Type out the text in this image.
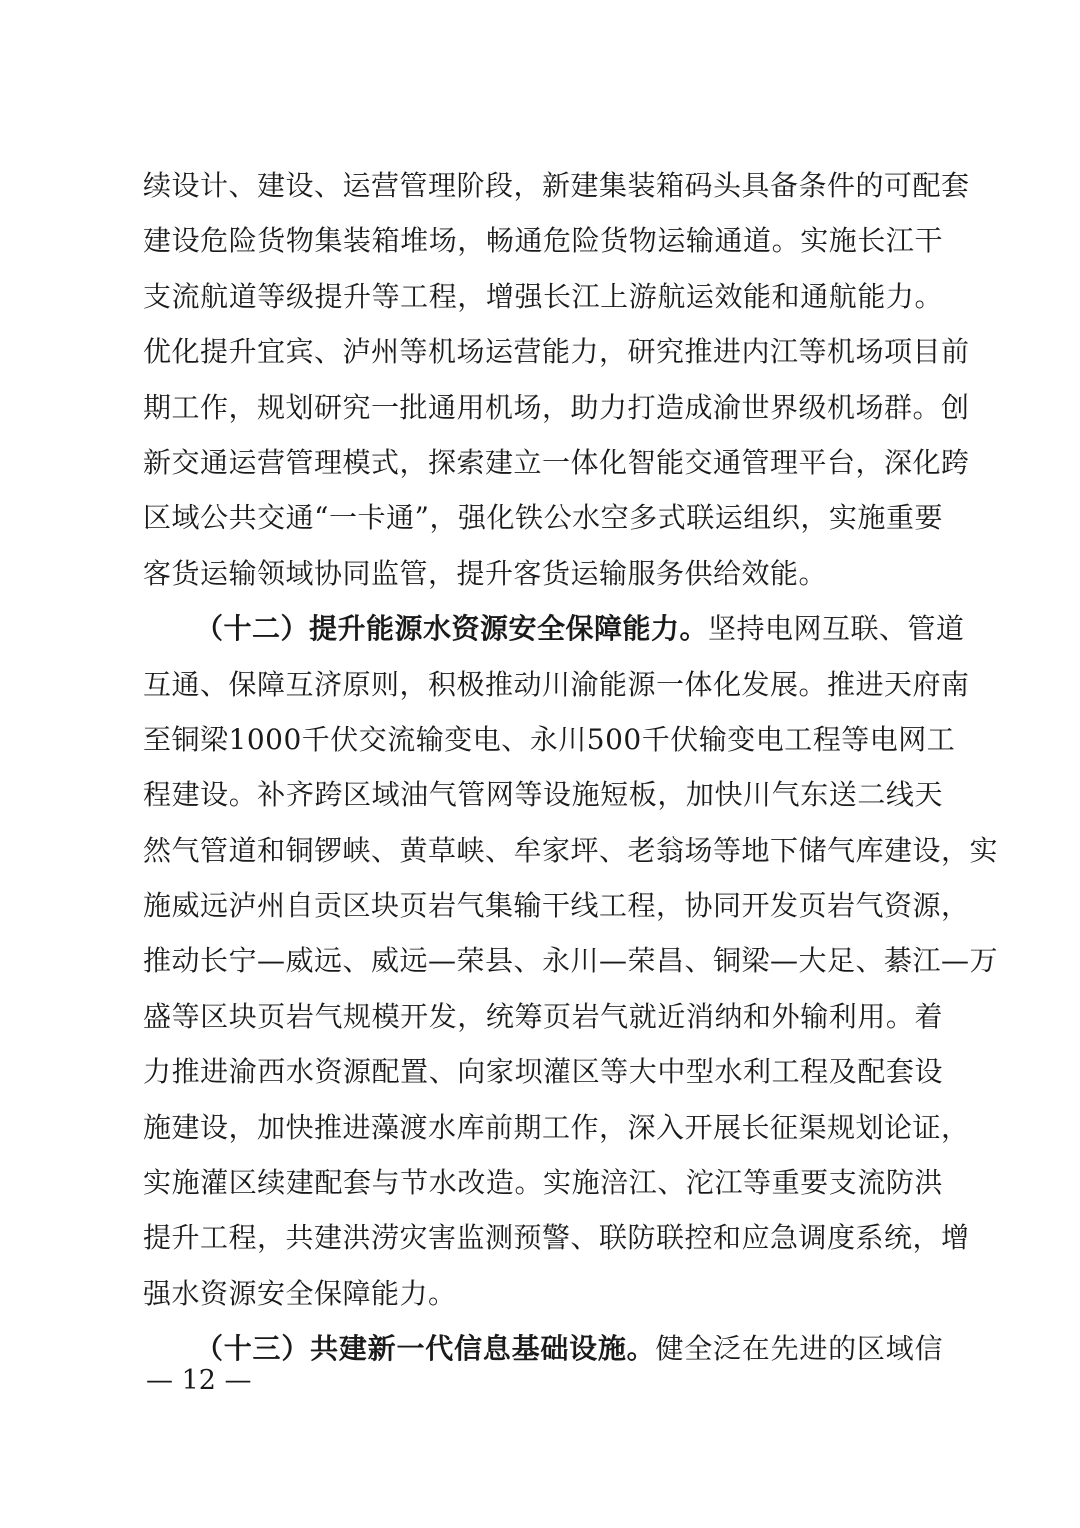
续设计、建设、运营管理阶段，新建集装箱码头具备条件的可配套
建设危险货物集装箱堆场，畅通危险货物运输通道。实施长江干
支流航道等级提升等工程，增强长江上游航运效能和通航能力。
优化提升宜宾、泸州等机场运营能力，研究推进内江等机场项目前
期工作，规划研究一批通用机场，助力打造成渝世界级机场群。创
新交通运营管理模式，探索建立一体化智能交通管理平台，深化跨
区域公共交通“一卡通”，强化铁公水空多式联运组织，实施重要
客货运输领域协同监管，提升客货运输服务供给效能。
（十二）提升能源水资源安全保障能力。坚持电网互联、管道
互通、保障互济原则，积极推动川渝能源一体化发展。推进天府南
至铜梁1000千伏交流输变电、永川500千伏输变电工程等电网工
程建设。补齐跨区域油气管网等设施短板，加快川气东送二线天
然气管道和铜锣峡、黄草峡、牟家坪、老翁场等地下储气库建设，实
施威远泸州自贡区块页岩气集输干线工程，协同开发页岩气资源，
推动长宁—威远、威远—荣县、永川—荣昌、铜梁—大足、綦江—万
盛等区块页岩气规模开发，统筹页岩气就近消纳和外输利用。着
力推进渝西水资源配置、向家坝灌区等大中型水利工程及配套设
施建设，加快推进藻渡水库前期工作，深入开展长征渠规划论证，
实施灌区续建配套与节水改造。实施涪江、沱江等重要支流防洪
提升工程，共建洪涝灾害监测预警、联防联控和应急调度系统，增
强水资源安全保障能力。
（十三）共建新一代信息基础设施。健全泛在先进的区域信
— 12 —
